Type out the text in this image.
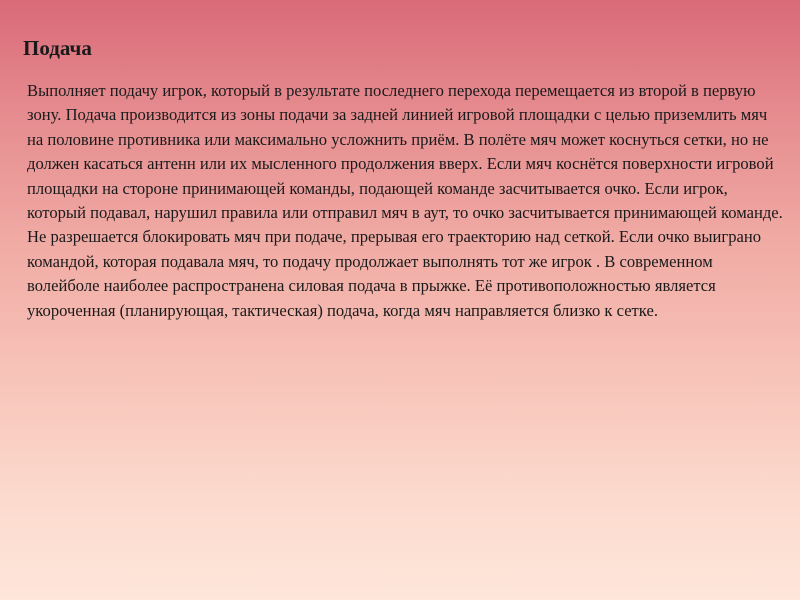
Подача

Выполняет подачу игрок, который в результате последнего перехода перемещается из второй в первую зону. Подача производится из зоны подачи за задней линией игровой площадки с целью приземлить мяч на половине противника или максимально усложнить приём. В полёте мяч может коснуться сетки, но не должен касаться антенн или их мысленного продолжения вверх. Если мяч коснётся поверхности игровой площадки на стороне принимающей команды, подающей команде засчитывается очко. Если игрок, который подавал, нарушил правила или отправил мяч в аут, то очко засчитывается принимающей команде. Не разрешается блокировать мяч при подаче, прерывая его траекторию над сеткой. Если очко выиграно командой, которая подавала мяч, то подачу продолжает выполнять тот же игрок . В современном волейболе наиболее распространена силовая подача в прыжке. Её противоположностью является укороченная (планирующая, тактическая) подача, когда мяч направляется близко к сетке.
